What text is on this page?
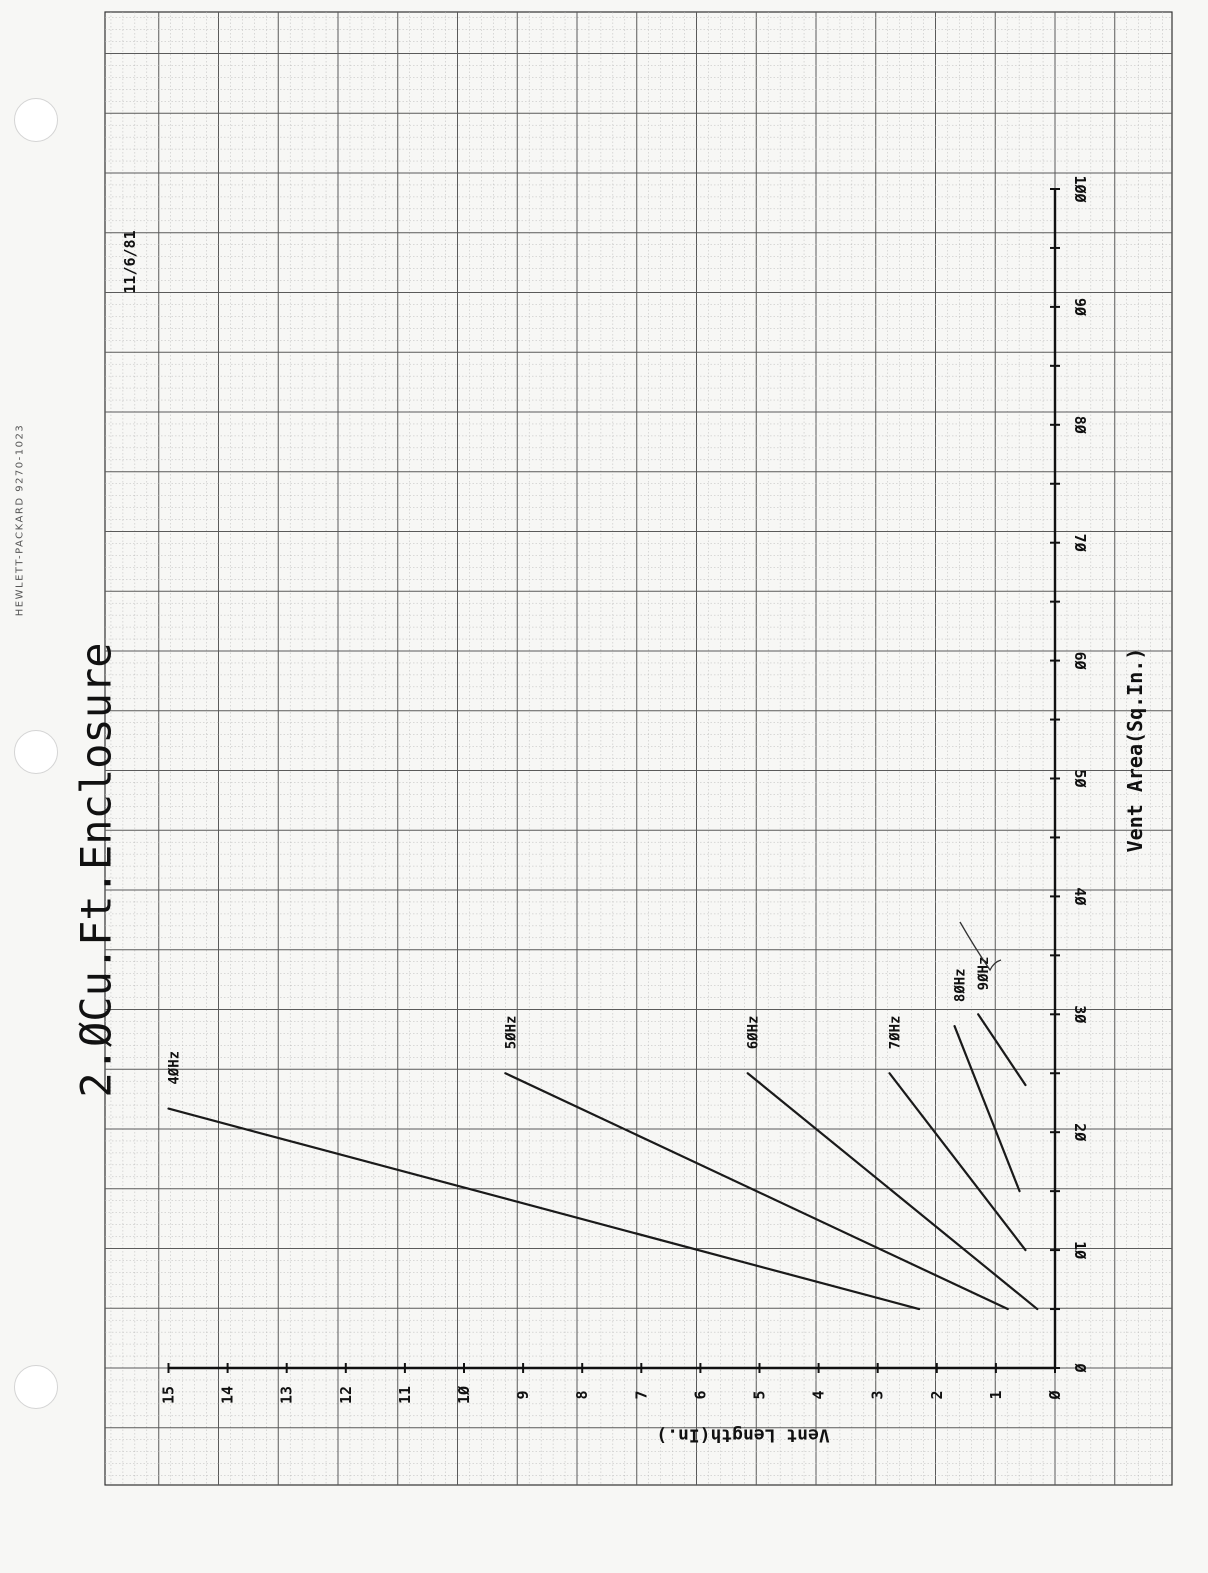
HEWLETT-PACKARD 9270-1023
Ø
1Ø
2Ø
3Ø
4Ø
5Ø
6Ø
7Ø
8Ø
9Ø
1ØØ
Ø
1
2
3
4
5
6
7
8
9
1Ø
11
12
13
14
15
Vent Area(Sq.In.)
Vent Length(In.)
2.ØCu.Ft.Enclosure
11/6/81
4ØHz
5ØHz	6ØHz	7ØHz
8ØHz 9ØHz
